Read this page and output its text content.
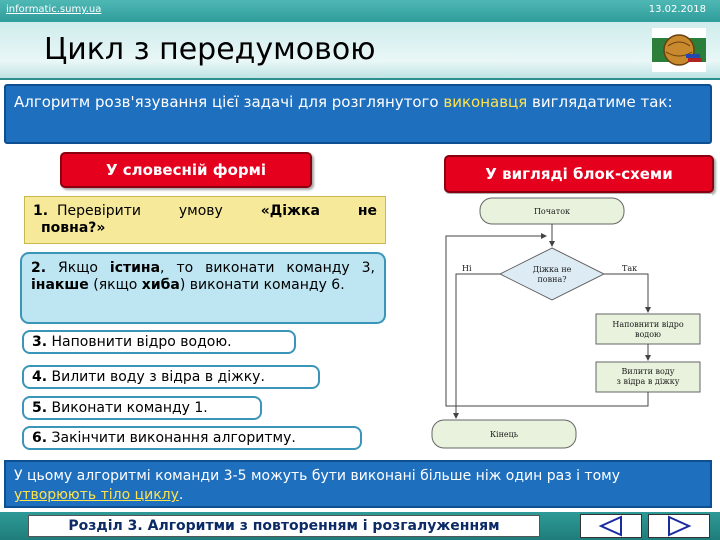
informatic.sumy.ua	13.02.2018
Цикл з передумовою
Алгоритм розв'язування цієї задачі для розглянутого виконавця виглядатиме так:
У словесній формі	У вигляді блок-схеми
1. Перевірити	умову	«Діжка	не
повна?»
2. Якщо істина, то виконати команду 3, інакше (якщо хиба) виконати команду 6.
3. Наповнити відро водою.
4. Вилити воду з відра в діжку.
5. Виконати команду 1.
6. Закінчити виконання алгоритму.
Початок
Діжка не
повна?
Ні	Так
Наповнити відро
водою
Вилити воду
з відра в діжку
Кінець
У цьому алгоритмі команди 3-5 можуть бути виконані більше ніж один раз і тому утворюють тіло циклу.
Розділ 3. Алгоритми з повторенням і розгалуженням
